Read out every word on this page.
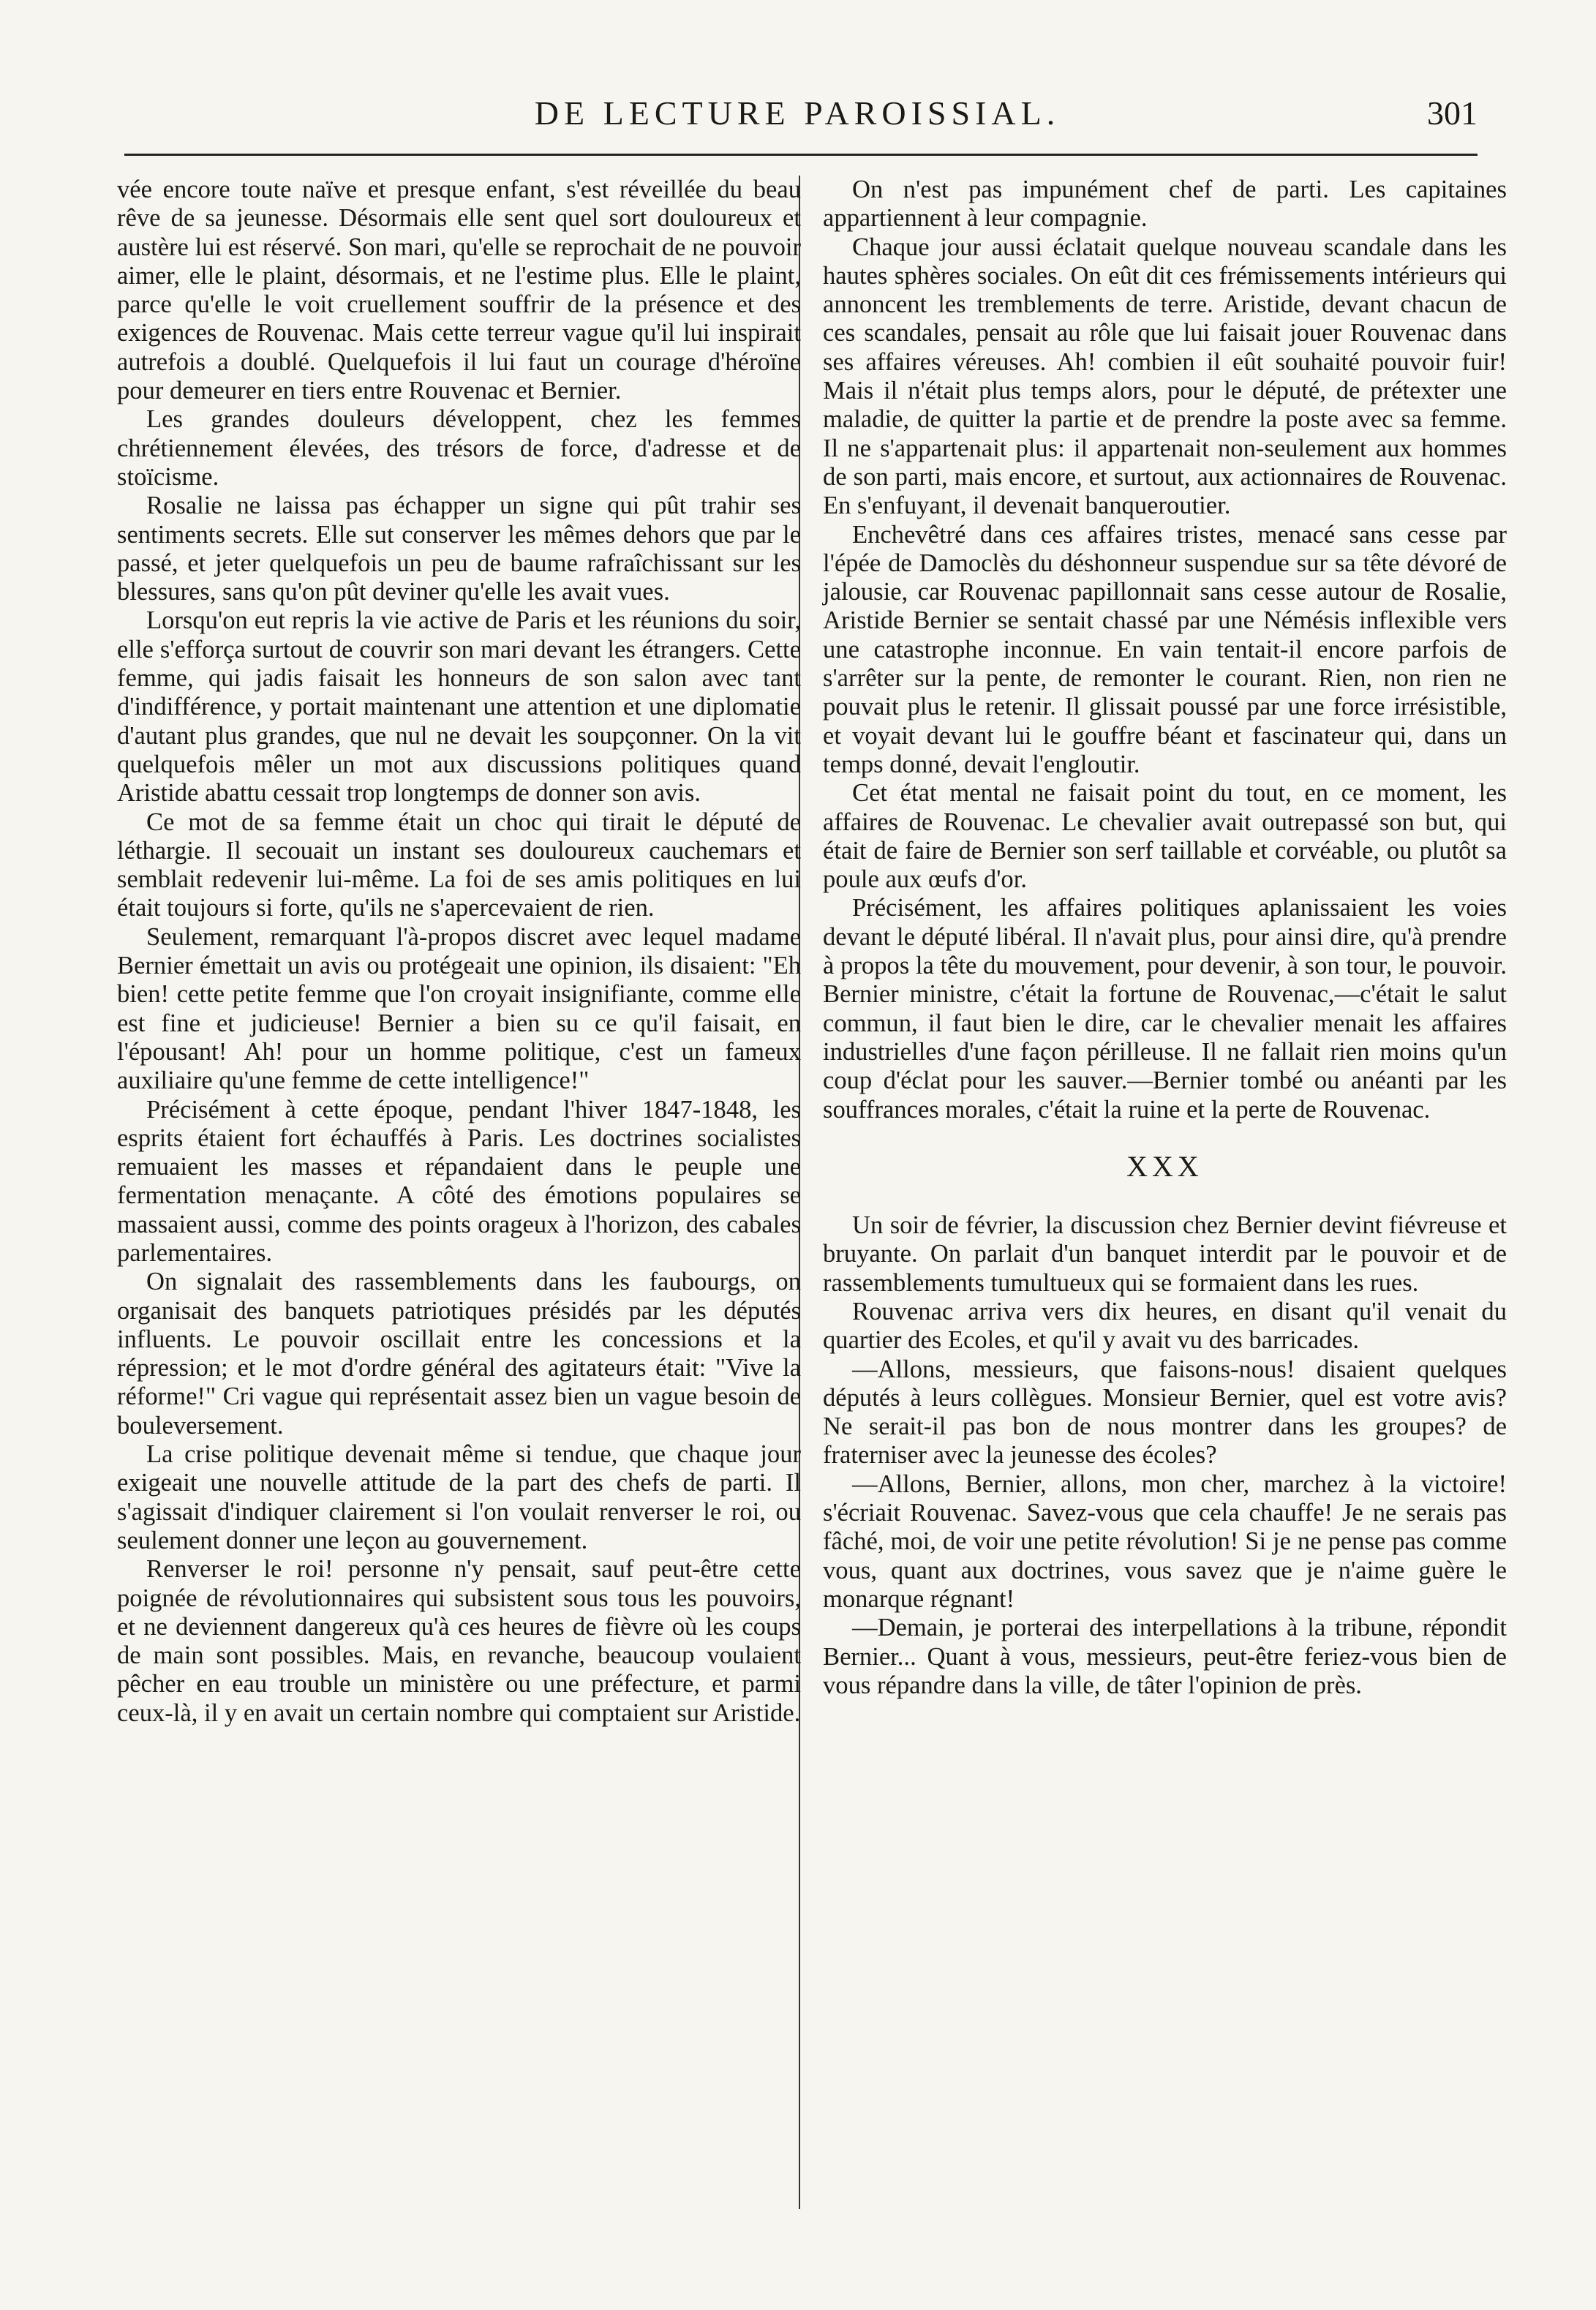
DE LECTURE PAROISSIAL.	301

vée encore toute naïve et presque enfant, s'est réveillée du beau rêve de sa jeunesse. Désormais elle sent quel sort douloureux et austère lui est réservé. Son mari, qu'elle se reprochait de ne pouvoir aimer, elle le plaint, désormais, et ne l'estime plus. Elle le plaint, parce qu'elle le voit cruellement souffrir de la présence et des exigences de Rouvenac. Mais cette terreur vague qu'il lui inspirait autrefois a doublé. Quelquefois il lui faut un courage d'héroïne pour demeurer en tiers entre Rouvenac et Bernier.

Les grandes douleurs développent, chez les femmes chrétiennement élevées, des trésors de force, d'adresse et de stoïcisme.

Rosalie ne laissa pas échapper un signe qui pût trahir ses sentiments secrets. Elle sut conserver les mêmes dehors que par le passé, et jeter quelquefois un peu de baume rafraîchissant sur les blessures, sans qu'on pût deviner qu'elle les avait vues.

Lorsqu'on eut repris la vie active de Paris et les réunions du soir, elle s'efforça surtout de couvrir son mari devant les étrangers. Cette femme, qui jadis faisait les honneurs de son salon avec tant d'indifférence, y portait maintenant une attention et une diplomatie d'autant plus grandes, que nul ne devait les soupçonner. On la vit quelquefois mêler un mot aux discussions politiques quand Aristide abattu cessait trop longtemps de donner son avis.

Ce mot de sa femme était un choc qui tirait le député de léthargie. Il secouait un instant ses douloureux cauchemars et semblait redevenir lui-même. La foi de ses amis politiques en lui était toujours si forte, qu'ils ne s'apercevaient de rien.

Seulement, remarquant l'à-propos discret avec lequel madame Bernier émettait un avis ou protégeait une opinion, ils disaient: "Eh bien! cette petite femme que l'on croyait insignifiante, comme elle est fine et judicieuse! Bernier a bien su ce qu'il faisait, en l'épousant! Ah! pour un homme politique, c'est un fameux auxiliaire qu'une femme de cette intelligence!"

Précisément à cette époque, pendant l'hiver 1847-1848, les esprits étaient fort échauffés à Paris. Les doctrines socialistes remuaient les masses et répandaient dans le peuple une fermentation menaçante. A côté des émotions populaires se massaient aussi, comme des points orageux à l'horizon, des cabales parlementaires.

On signalait des rassemblements dans les faubourgs, on organisait des banquets patriotiques présidés par les députés influents. Le pouvoir oscillait entre les concessions et la répression; et le mot d'ordre général des agitateurs était: "Vive la réforme!" Cri vague qui représentait assez bien un vague besoin de bouleversement.

La crise politique devenait même si tendue, que chaque jour exigeait une nouvelle attitude de la part des chefs de parti. Il s'agissait d'indiquer clairement si l'on voulait renverser le roi, ou seulement donner une leçon au gouvernement.

Renverser le roi! personne n'y pensait, sauf peut-être cette poignée de révolutionnaires qui subsistent sous tous les pouvoirs, et ne deviennent dangereux qu'à ces heures de fièvre où les coups de main sont possibles. Mais, en revanche, beaucoup voulaient pêcher en eau trouble un ministère ou une préfecture, et parmi ceux-là, il y en avait un certain nombre qui comptaient sur Aristide.

On n'est pas impunément chef de parti. Les capitaines appartiennent à leur compagnie.

Chaque jour aussi éclatait quelque nouveau scandale dans les hautes sphères sociales. On eût dit ces frémissements intérieurs qui annoncent les tremblements de terre. Aristide, devant chacun de ces scandales, pensait au rôle que lui faisait jouer Rouvenac dans ses affaires véreuses. Ah! combien il eût souhaité pouvoir fuir! Mais il n'était plus temps alors, pour le député, de prétexter une maladie, de quitter la partie et de prendre la poste avec sa femme. Il ne s'appartenait plus: il appartenait non-seulement aux hommes de son parti, mais encore, et surtout, aux actionnaires de Rouvenac. En s'enfuyant, il devenait banqueroutier.

Enchevêtré dans ces affaires tristes, menacé sans cesse par l'épée de Damoclès du déshonneur suspendue sur sa tête dévoré de jalousie, car Rouvenac papillonnait sans cesse autour de Rosalie, Aristide Bernier se sentait chassé par une Némésis inflexible vers une catastrophe inconnue. En vain tentait-il encore parfois de s'arrêter sur la pente, de remonter le courant. Rien, non rien ne pouvait plus le retenir. Il glissait poussé par une force irrésistible, et voyait devant lui le gouffre béant et fascinateur qui, dans un temps donné, devait l'engloutir.

Cet état mental ne faisait point du tout, en ce moment, les affaires de Rouvenac. Le chevalier avait outrepassé son but, qui était de faire de Bernier son serf taillable et corvéable, ou plutôt sa poule aux œufs d'or.

Précisément, les affaires politiques aplanissaient les voies devant le député libéral. Il n'avait plus, pour ainsi dire, qu'à prendre à propos la tête du mouvement, pour devenir, à son tour, le pouvoir. Bernier ministre, c'était la fortune de Rouvenac,—c'était le salut commun, il faut bien le dire, car le chevalier menait les affaires industrielles d'une façon périlleuse. Il ne fallait rien moins qu'un coup d'éclat pour les sauver.—Bernier tombé ou anéanti par les souffrances morales, c'était la ruine et la perte de Rouvenac.

XXX

Un soir de février, la discussion chez Bernier devint fiévreuse et bruyante. On parlait d'un banquet interdit par le pouvoir et de rassemblements tumultueux qui se formaient dans les rues.

Rouvenac arriva vers dix heures, en disant qu'il venait du quartier des Ecoles, et qu'il y avait vu des barricades.

—Allons, messieurs, que faisons-nous! disaient quelques députés à leurs collègues. Monsieur Bernier, quel est votre avis? Ne serait-il pas bon de nous montrer dans les groupes? de fraterniser avec la jeunesse des écoles?

—Allons, Bernier, allons, mon cher, marchez à la victoire! s'écriait Rouvenac. Savez-vous que cela chauffe! Je ne serais pas fâché, moi, de voir une petite révolution! Si je ne pense pas comme vous, quant aux doctrines, vous savez que je n'aime guère le monarque régnant!

—Demain, je porterai des interpellations à la tribune, répondit Bernier... Quant à vous, messieurs, peut-être feriez-vous bien de vous répandre dans la ville, de tâter l'opinion de près.
